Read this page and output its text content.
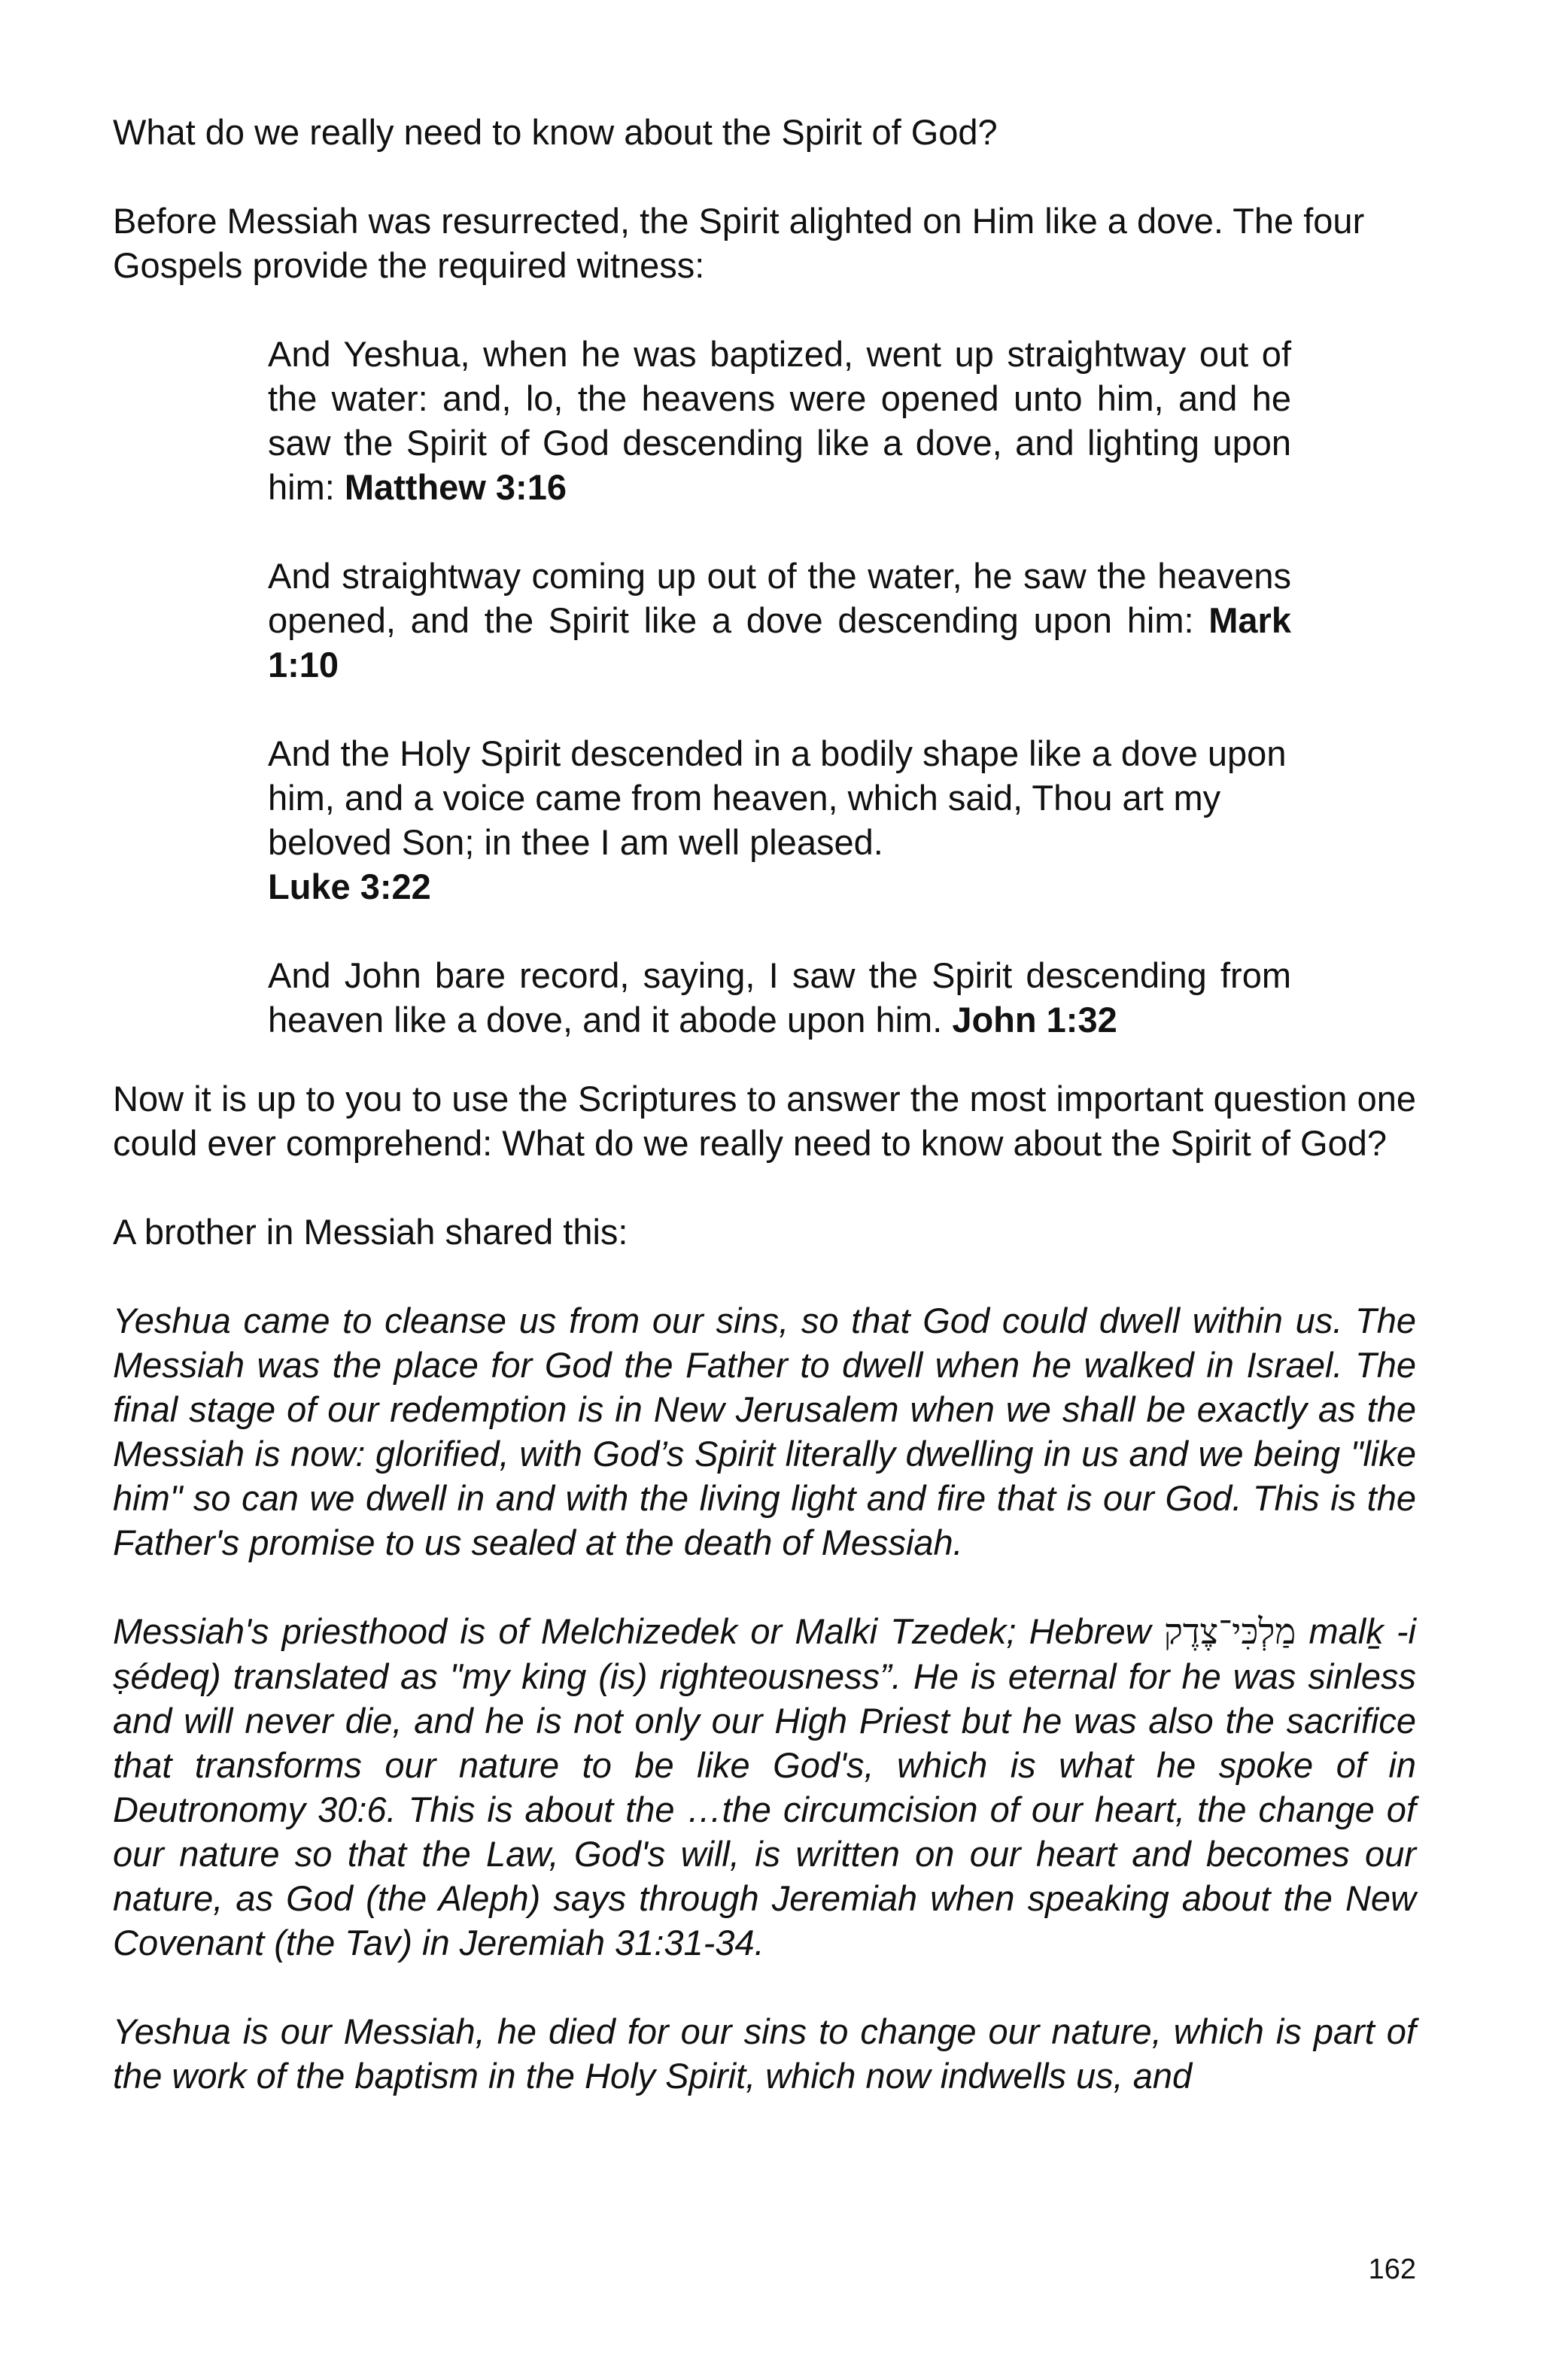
What do we really need to know about the Spirit of God?

Before Messiah was resurrected, the Spirit alighted on Him like a dove. The four Gospels provide the required witness:

And Yeshua, when he was baptized, went up straightway out of the water: and, lo, the heavens were opened unto him, and he saw the Spirit of God descending like a dove, and lighting upon him: Matthew 3:16

And straightway coming up out of the water, he saw the heavens opened, and the Spirit like a dove descending upon him: Mark 1:10

And the Holy Spirit descended in a bodily shape like a dove upon him, and a voice came from heaven, which said, Thou art my beloved Son; in thee I am well pleased.
Luke 3:22

And John bare record, saying, I saw the Spirit descending from heaven like a dove, and it abode upon him. John 1:32

Now it is up to you to use the Scriptures to answer the most important question one could ever comprehend: What do we really need to know about the Spirit of God?

A brother in Messiah shared this:

Yeshua came to cleanse us from our sins, so that God could dwell within us. The Messiah was the place for God the Father to dwell when he walked in Israel. The final stage of our redemption is in New Jerusalem when we shall be exactly as the Messiah is now: glorified, with God’s Spirit literally dwelling in us and we being "like him" so can we dwell in and with the living light and fire that is our God. This is the Father's promise to us sealed at the death of Messiah.

Messiah's priesthood is of Melchizedek or Malki Tzedek; Hebrew מַלְכִּי־צֶדֶק malḵ -i ṣédeq) translated as "my king (is) righteousness”. He is eternal for he was sinless and will never die, and he is not only our High Priest but he was also the sacrifice that transforms our nature to be like God's, which is what he spoke of in Deutronomy 30:6. This is about the …the circumcision of our heart, the change of our nature so that the Law, God's will, is written on our heart and becomes our nature, as God (the Aleph) says through Jeremiah when speaking about the New Covenant (the Tav) in Jeremiah 31:31-34.

Yeshua is our Messiah, he died for our sins to change our nature, which is part of the work of the baptism in the Holy Spirit, which now indwells us, and

162
